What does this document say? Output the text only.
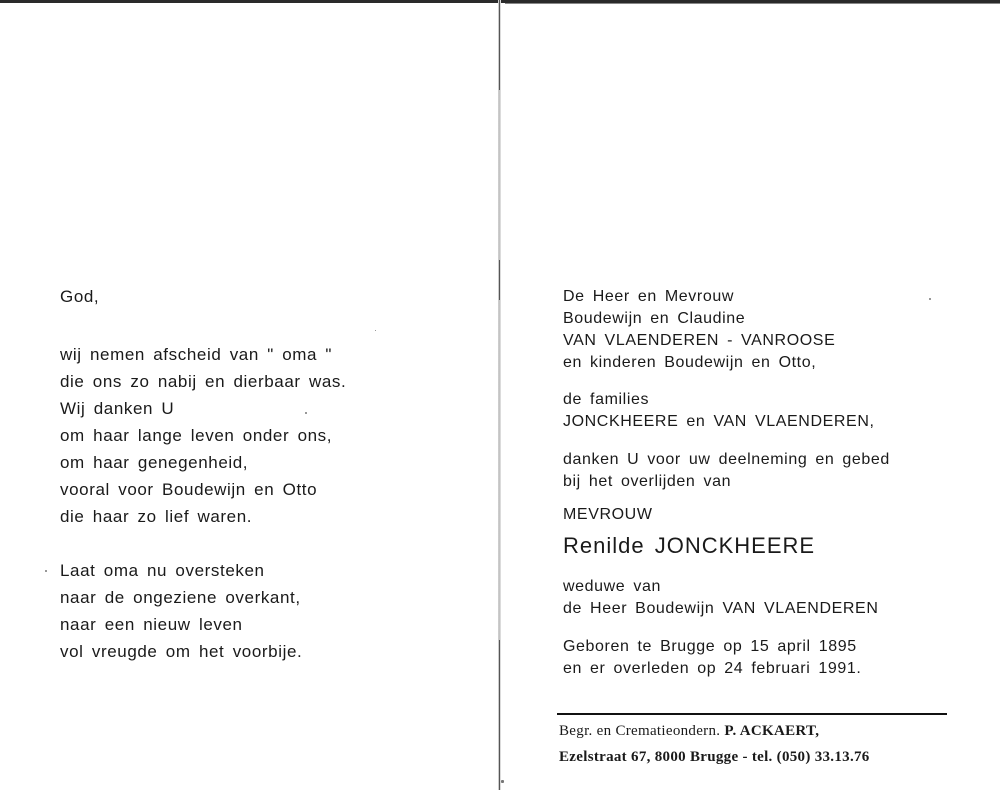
God,
wij nemen afscheid van " oma "
die ons zo nabij en dierbaar was.
Wij danken U
om haar lange leven onder ons,
om haar genegenheid,
vooral voor Boudewijn en Otto
die haar zo lief waren.
Laat oma nu oversteken
naar de ongeziene overkant,
naar een nieuw leven
vol vreugde om het voorbije.
De Heer en Mevrouw
Boudewijn en Claudine
VAN VLAENDEREN - VANROOSE
en kinderen Boudewijn en Otto,
de families
JONCKHEERE en VAN VLAENDEREN,
danken U voor uw deelneming en gebed
bij het overlijden van
MEVROUW
Renilde JONCKHEERE
weduwe van
de Heer Boudewijn VAN VLAENDEREN
Geboren te Brugge op 15 april 1895
en er overleden op 24 februari 1991.
Begr. en Crematieondern. P. ACKAERT,
Ezelstraat 67, 8000 Brugge - tel. (050) 33.13.76
